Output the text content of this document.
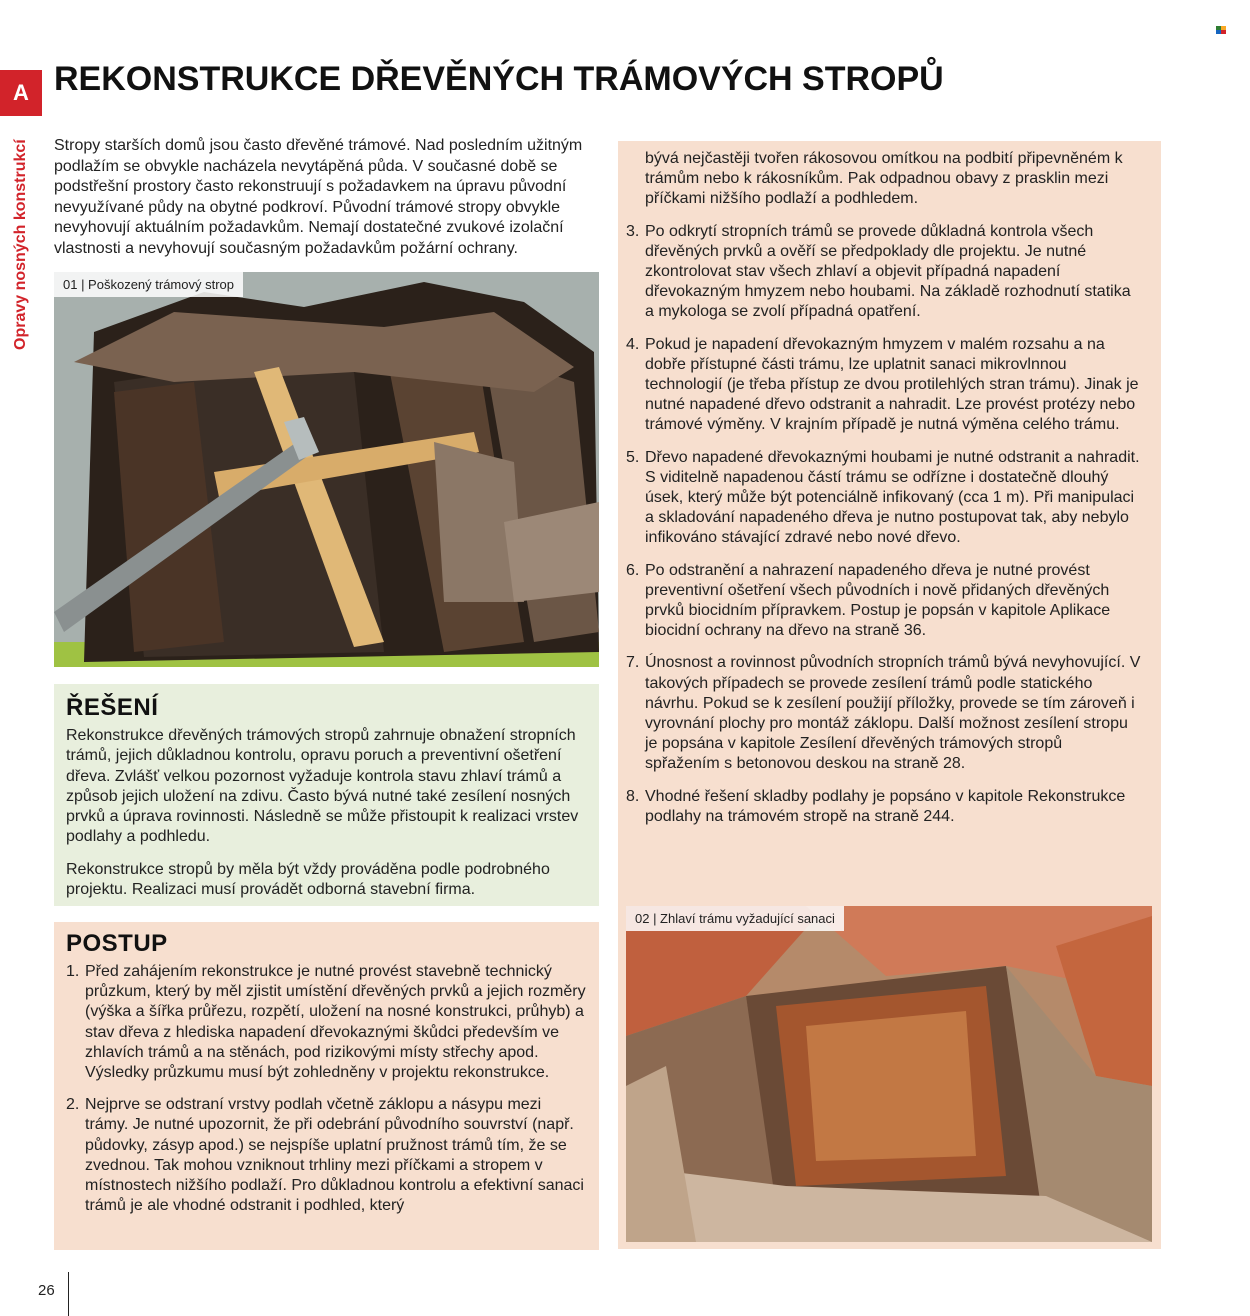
A
Opravy nosných konstrukcí
REKONSTRUKCE DŘEVĚNÝCH TRÁMOVÝCH STROPŮ

Stropy starších domů jsou často dřevěné trámové. Nad posledním užitným podlažím se obvykle nacházela nevytápěná půda. V současné době se podstřešní prostory často rekonstruují s požadavkem na úpravu původní nevyužívané půdy na obytné podkroví. Původní trámové stropy obvykle nevyhovují aktuálním požadavkům. Nemají dostatečné zvukové izolační vlastnosti a nevyhovují současným požadavkům požární ochrany.

01 | Poškozený trámový strop
ŘEŠENÍ

Rekonstrukce dřevěných trámových stropů zahrnuje obnažení stropních trámů, jejich důkladnou kontrolu, opravu poruch a preventivní ošetření dřeva. Zvlášť velkou pozornost vyžaduje kontrola stavu zhlaví trámů a způsob jejich uložení na zdivu. Často bývá nutné také zesílení nosných prvků a úprava rovinnosti. Následně se může přistoupit k realizaci vrstev podlahy a podhledu.

Rekonstrukce stropů by měla být vždy prováděna podle podrobného projektu. Realizaci musí provádět odborná stavební firma.

POSTUP
1. Před zahájením rekonstrukce je nutné provést stavebně technický průzkum, který by měl zjistit umístění dřevěných prvků a jejich rozměry (výška a šířka průřezu, rozpětí, uložení na nosné konstrukci, průhyb) a stav dřeva z hlediska napadení dřevokaznými škůdci především ve zhlavích trámů a na stěnách, pod rizikovými místy střechy apod. Výsledky průzkumu musí být zohledněny v projektu rekonstrukce.
2. Nejprve se odstraní vrstvy podlah včetně záklopu a násypu mezi trámy. Je nutné upozornit, že při odebrání původního souvrství (např. půdovky, zásyp apod.) se nejspíše uplatní pružnost trámů tím, že se zvednou. Tak mohou vzniknout trhliny mezi příčkami a stropem v místnostech nižšího podlaží. Pro důkladnou kontrolu a efektivní sanaci trámů je ale vhodné odstranit i podhled, který
bývá nejčastěji tvořen rákosovou omítkou na podbití připevněném k trámům nebo k rákosníkům. Pak odpadnou obavy z prasklin mezi příčkami nižšího podlaží a podhledem.
3. Po odkrytí stropních trámů se provede důkladná kontrola všech dřevěných prvků a ověří se předpoklady dle projektu. Je nutné zkontrolovat stav všech zhlaví a objevit případná napadení dřevokazným hmyzem nebo houbami. Na základě rozhodnutí statika a mykologa se zvolí případná opatření.
4. Pokud je napadení dřevokazným hmyzem v malém rozsahu a na dobře přístupné části trámu, lze uplatnit sanaci mikrovlnnou technologií (je třeba přístup ze dvou protilehlých stran trámu). Jinak je nutné napadené dřevo odstranit a nahradit. Lze provést protézy nebo trámové výměny. V krajním případě je nutná výměna celého trámu.
5. Dřevo napadené dřevokaznými houbami je nutné odstranit a nahradit. S viditelně napadenou částí trámu se odřízne i dostatečně dlouhý úsek, který může být potenciálně infikovaný (cca 1 m). Při manipulaci a skladování napadeného dřeva je nutno postupovat tak, aby nebylo infikováno stávající zdravé nebo nové dřevo.
6. Po odstranění a nahrazení napadeného dřeva je nutné provést preventivní ošetření všech původních i nově přidaných dřevěných prvků biocidním přípravkem. Postup je popsán v kapitole Aplikace biocidní ochrany na dřevo na straně 36.
7. Únosnost a rovinnost původních stropních trámů bývá nevyhovující. V takových případech se provede zesílení trámů podle statického návrhu. Pokud se k zesílení použijí příložky, provede se tím zároveň i vyrovnání plochy pro montáž záklopu. Další možnost zesílení stropu je popsána v kapitole Zesílení dřevěných trámových stropů spřažením s betonovou deskou na straně 28.
8. Vhodné řešení skladby podlahy je popsáno v kapitole Rekonstrukce podlahy na trámovém stropě na straně 244.
02 | Zhlaví trámu vyžadující sanaci
26
